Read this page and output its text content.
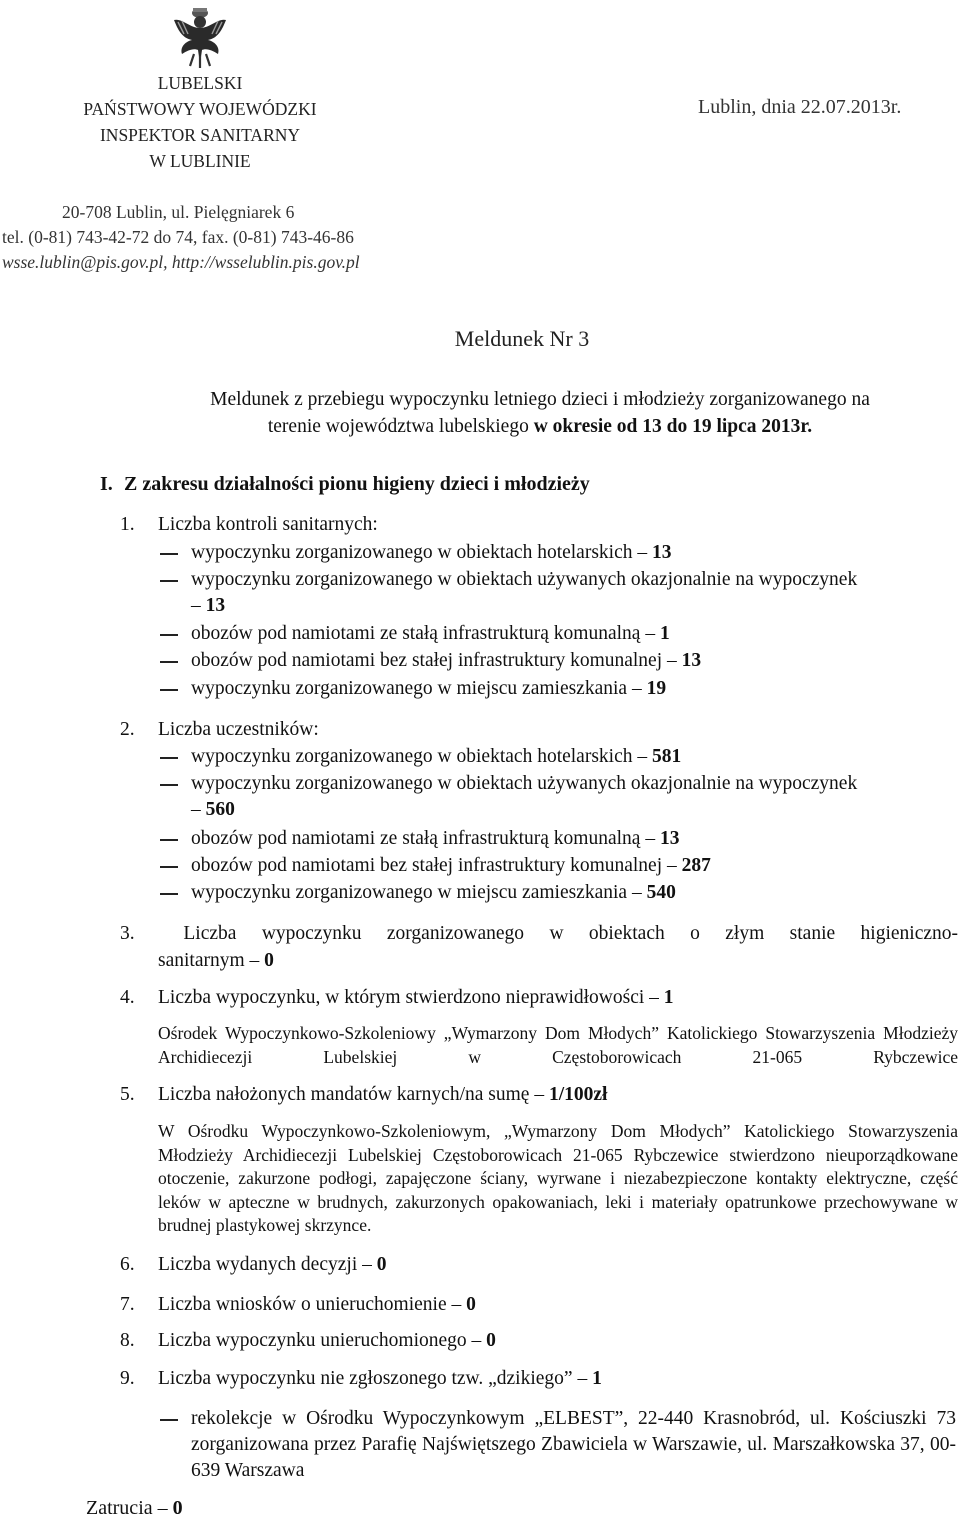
LUBELSKI
PAŃSTWOWY WOJEWÓDZKI
INSPEKTOR SANITARNY
W LUBLINIE
Lublin, dnia 22.07.2013r.
20-708 Lublin, ul. Pielęgniarek 6
tel. (0-81) 743-42-72 do 74, fax. (0-81) 743-46-86
wsse.lublin@pis.gov.pl, http://wsselublin.pis.gov.pl
Meldunek Nr 3
Meldunek z przebiegu wypoczynku letniego dzieci i młodzieży zorganizowanego na
terenie województwa lubelskiego w okresie od 13 do 19 lipca 2013r.
I. Z zakresu działalności pionu higieny dzieci i młodzieży
1. Liczba kontroli sanitarnych:
wypoczynku zorganizowanego w obiektach hotelarskich – 13
wypoczynku zorganizowanego w obiektach używanych okazjonalnie na wypoczynek – 13
obozów pod namiotami ze stałą infrastrukturą komunalną – 1
obozów pod namiotami bez stałej infrastruktury komunalnej – 13
wypoczynku zorganizowanego w miejscu zamieszkania – 19
2. Liczba uczestników:
wypoczynku zorganizowanego w obiektach hotelarskich – 581
wypoczynku zorganizowanego w obiektach używanych okazjonalnie na wypoczynek – 560
obozów pod namiotami ze stałą infrastrukturą komunalną – 13
obozów pod namiotami bez stałej infrastruktury komunalnej – 287
wypoczynku zorganizowanego w miejscu zamieszkania – 540
3.	Liczba wypoczynku zorganizowanego w obiektach o złym stanie higieniczno-
sanitarnym – 0
4. Liczba wypoczynku, w którym stwierdzono nieprawidłowości – 1
Ośrodek Wypoczynkowo-Szkoleniowy „Wymarzony Dom Młodych” Katolickiego Stowarzyszenia Młodzieży Archidiecezji Lubelskiej w Częstoborowicach 21-065 Rybczewice
5. Liczba nałożonych mandatów karnych/na sumę – 1/100zł
W Ośrodku Wypoczynkowo-Szkoleniowym, „Wymarzony Dom Młodych” Katolickiego Stowarzyszenia Młodzieży Archidiecezji Lubelskiej Częstoborowicach 21-065 Rybczewice stwierdzono nieuporządkowane otoczenie, zakurzone podłogi, zapajęczone ściany, wyrwane i niezabezpieczone kontakty elektryczne, część leków w apteczne w brudnych, zakurzonych opakowaniach, leki i materiały opatrunkowe przechowywane w brudnej plastykowej skrzynce.
6. Liczba wydanych decyzji – 0
7. Liczba wniosków o unieruchomienie – 0
8. Liczba wypoczynku unieruchomionego – 0
9. Liczba wypoczynku nie zgłoszonego tzw. „dzikiego” – 1
rekolekcje w Ośrodku Wypoczynkowym „ELBEST”, 22-440 Krasnobród, ul. Kościuszki 73 zorganizowana przez Parafię Najświętszego Zbawiciela w Warszawie, ul. Marszałkowska 37, 00-639 Warszawa
Zatrucia – 0
